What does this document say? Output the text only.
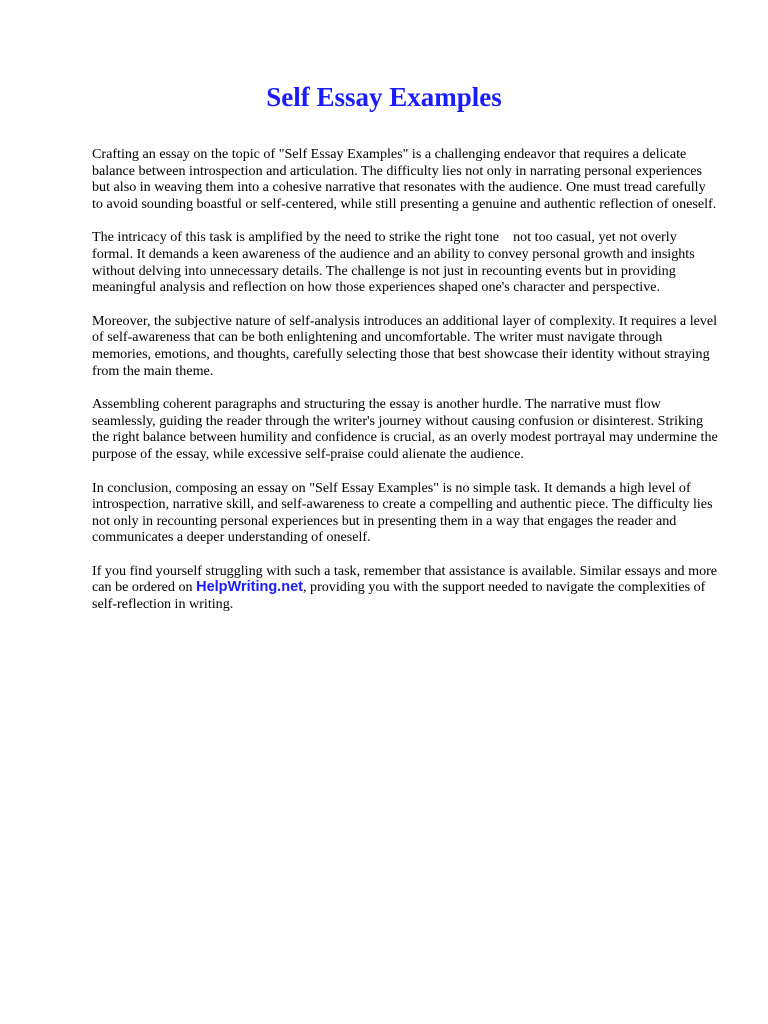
Self Essay Examples

Crafting an essay on the topic of "Self Essay Examples" is a challenging endeavor that requires a delicate balance between introspection and articulation. The difficulty lies not only in narrating personal experiences but also in weaving them into a cohesive narrative that resonates with the audience. One must tread carefully to avoid sounding boastful or self-centered, while still presenting a genuine and authentic reflection of oneself.

The intricacy of this task is amplified by the need to strike the right tone    not too casual, yet not overly formal. It demands a keen awareness of the audience and an ability to convey personal growth and insights without delving into unnecessary details. The challenge is not just in recounting events but in providing meaningful analysis and reflection on how those experiences shaped one's character and perspective.

Moreover, the subjective nature of self-analysis introduces an additional layer of complexity. It requires a level of self-awareness that can be both enlightening and uncomfortable. The writer must navigate through memories, emotions, and thoughts, carefully selecting those that best showcase their identity without straying from the main theme.

Assembling coherent paragraphs and structuring the essay is another hurdle. The narrative must flow seamlessly, guiding the reader through the writer's journey without causing confusion or disinterest. Striking the right balance between humility and confidence is crucial, as an overly modest portrayal may undermine the purpose of the essay, while excessive self-praise could alienate the audience.

In conclusion, composing an essay on "Self Essay Examples" is no simple task. It demands a high level of introspection, narrative skill, and self-awareness to create a compelling and authentic piece. The difficulty lies not only in recounting personal experiences but in presenting them in a way that engages the reader and communicates a deeper understanding of oneself.

If you find yourself struggling with such a task, remember that assistance is available. Similar essays and more can be ordered on HelpWriting.net, providing you with the support needed to navigate the complexities of self-reflection in writing.
